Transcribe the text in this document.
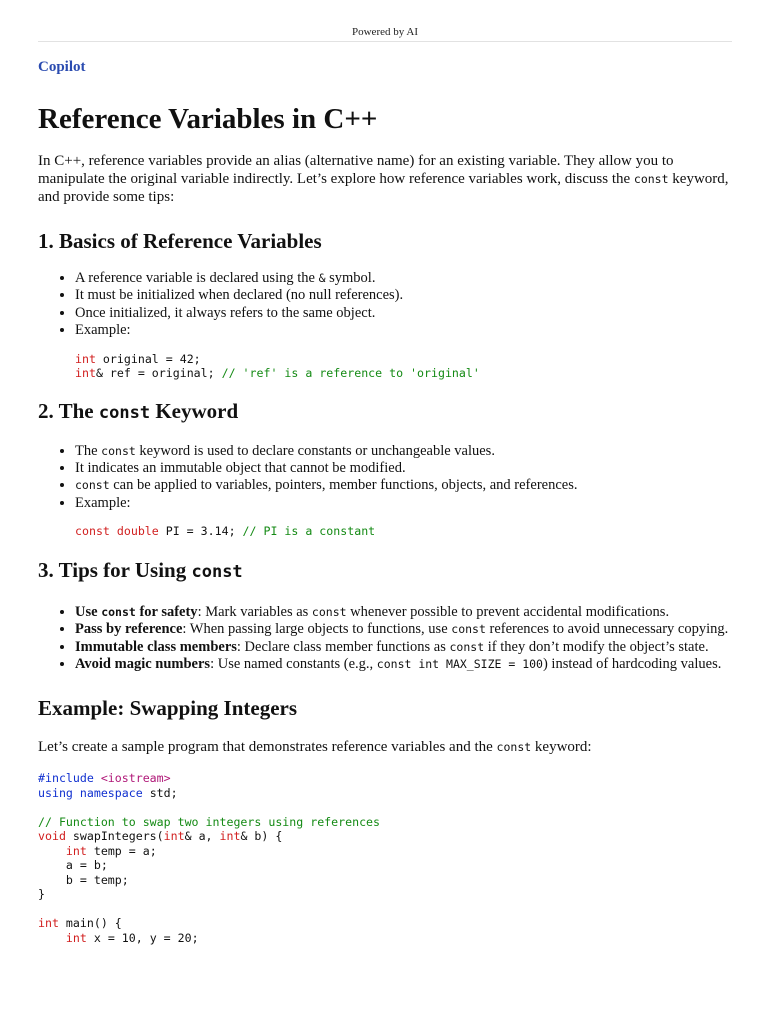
Powered by AI
Copilot
Reference Variables in C++

In C++, reference variables provide an alias (alternative name) for an existing variable. They allow you to manipulate the original variable indirectly. Let’s explore how reference variables work, discuss the const keyword, and provide some tips:

1. Basics of Reference Variables
• A reference variable is declared using the & symbol.
• It must be initialized when declared (no null references).
• Once initialized, it always refers to the same object.
• Example:
int original = 42;
int& ref = original; // 'ref' is a reference to 'original'
2. The const Keyword
• The const keyword is used to declare constants or unchangeable values.
• It indicates an immutable object that cannot be modified.
• const can be applied to variables, pointers, member functions, objects, and references.
• Example:
const double PI = 3.14; // PI is a constant
3. Tips for Using const
• Use const for safety: Mark variables as const whenever possible to prevent accidental modifications.
• Pass by reference: When passing large objects to functions, use const references to avoid unnecessary copying.
• Immutable class members: Declare class member functions as const if they don’t modify the object’s state.
• Avoid magic numbers: Use named constants (e.g., const int MAX_SIZE = 100) instead of hardcoding values.
Example: Swapping Integers

Let’s create a sample program that demonstrates reference variables and the const keyword:

#include <iostream>
using namespace std;

// Function to swap two integers using references
void swapIntegers(int& a, int& b) {
int temp = a;
a = b;
b = temp;
}

int main() {
int x = 10, y = 20;
